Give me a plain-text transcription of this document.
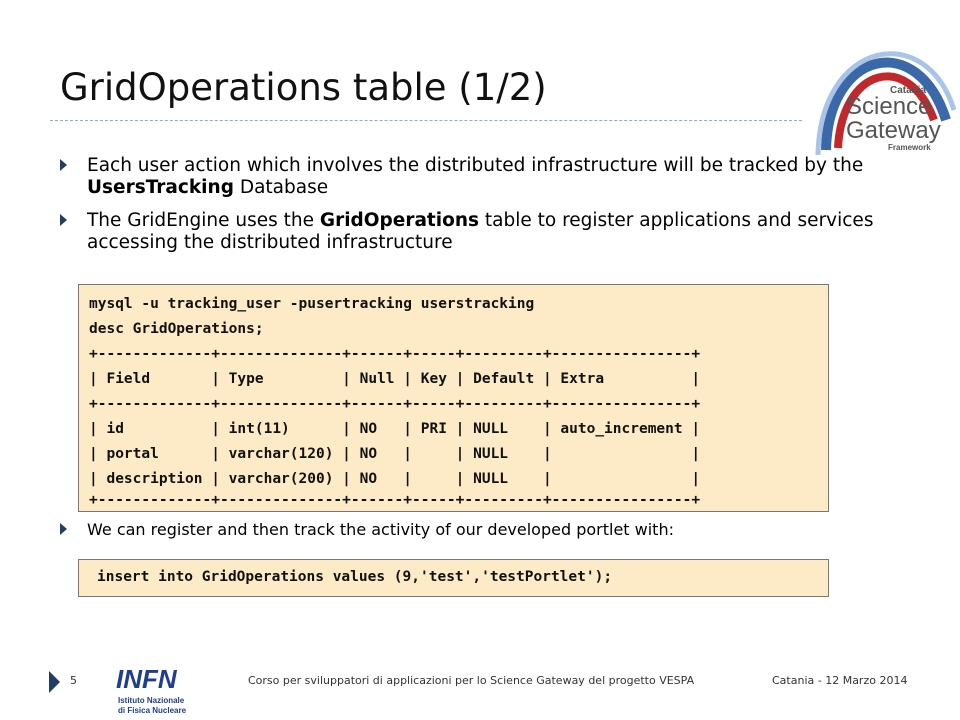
GridOperations table (1/2)	Catania
Science
Gateway
Framework
Each user action which involves the distributed infrastructure will be tracked by the UsersTracking Database
The GridEngine uses the GridOperations table to register applications and services accessing the distributed infrastructure
mysql -u tracking_user -pusertracking userstracking
desc GridOperations;
+-------------+--------------+------+-----+---------+----------------+
| Field       | Type         | Null | Key | Default | Extra          |
+-------------+--------------+------+-----+---------+----------------+
| id          | int(11)      | NO   | PRI | NULL    | auto_increment |
| portal      | varchar(120) | NO   |     | NULL    |                |
| description | varchar(200) | NO   |     | NULL    |                |
+-------------+--------------+------+-----+---------+----------------+
We can register and then track the activity of our developed portlet with:
insert into GridOperations values (9,'test','testPortlet');
5 INFN
Istituto Nazionale
di Fisica Nucleare
Corso per sviluppatori di applicazioni per lo Science Gateway del progetto VESPA	Catania - 12 Marzo 2014
